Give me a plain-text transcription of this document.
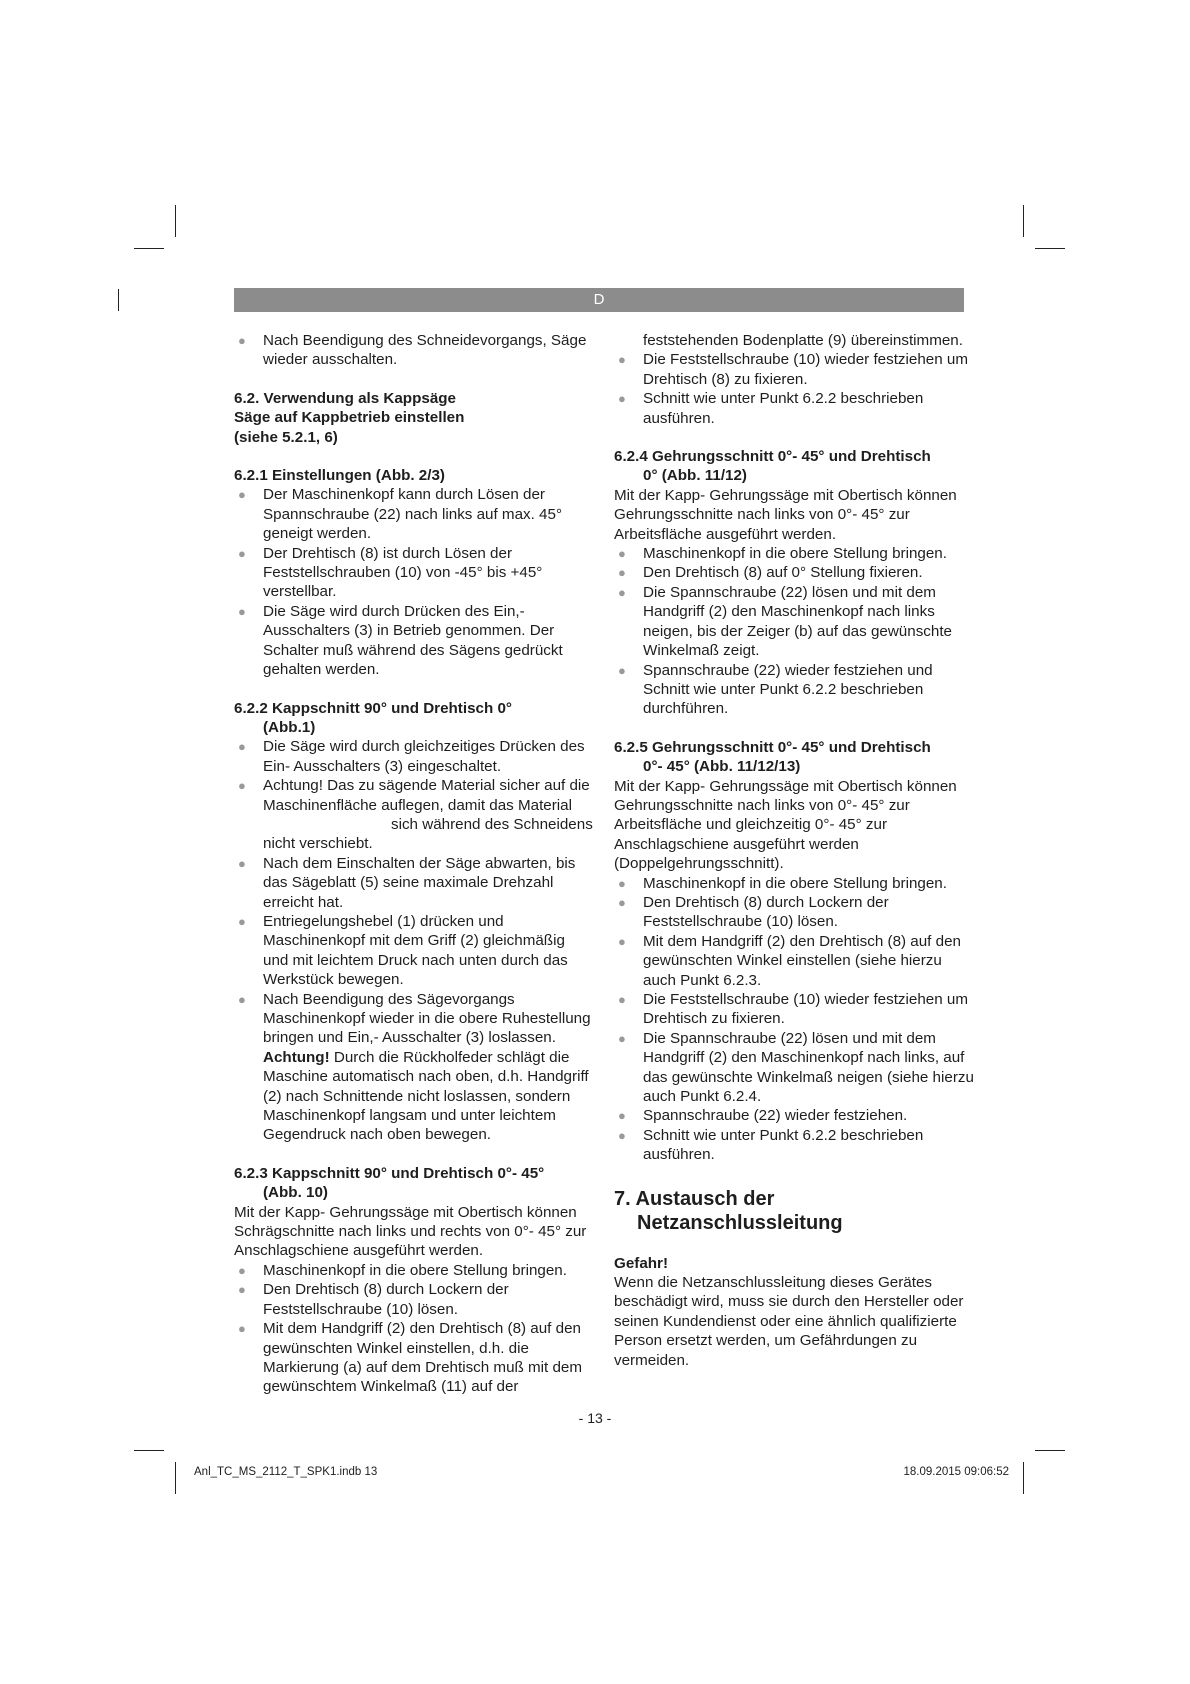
D
● Nach Beendigung des Schneidevorgangs, Säge wieder ausschalten.
6.2. Verwendung als Kappsäge
Säge auf Kappbetrieb einstellen
(siehe 5.2.1, 6)
6.2.1 Einstellungen (Abb. 2/3)
● Der Maschinenkopf kann durch Lösen der Spannschraube (22) nach links auf max. 45° geneigt werden.
● Der Drehtisch (8) ist durch Lösen der Feststellschrauben (10) von -45° bis +45° verstellbar.
● Die Säge wird durch Drücken des Ein,- Ausschalters (3) in Betrieb genommen. Der Schalter muß während des Sägens gedrückt gehalten werden.
6.2.2 Kappschnitt 90° und Drehtisch 0°
(Abb.1)
● Die Säge wird durch gleichzeitiges Drücken des Ein- Ausschalters (3) eingeschaltet.
● Achtung! Das zu sägende Material sicher auf die Maschinenfläche auflegen, damit das Materialsich während des Schneidens nicht verschiebt.
● Nach dem Einschalten der Säge abwarten, bis das Sägeblatt (5) seine maximale Drehzahl erreicht hat.
● Entriegelungshebel (1) drücken und Maschinenkopf mit dem Griff (2) gleichmäßig und mit leichtem Druck nach unten durch das Werkstück bewegen.
● Nach Beendigung des Sägevorgangs Maschinenkopf wieder in die obere Ruhestellung bringen und Ein,- Ausschalter (3) loslassen. Achtung! Durch die Rückholfeder schlägt die Maschine automatisch nach oben, d.h. Handgriff (2) nach Schnittende nicht loslassen, sondern Maschinenkopf langsam und unter leichtem Gegendruck nach oben bewegen.
6.2.3 Kappschnitt 90° und Drehtisch 0°- 45°
(Abb. 10)

Mit der Kapp- Gehrungssäge mit Obertisch können Schrägschnitte nach links und rechts von 0°- 45° zur Anschlagschiene ausgeführt werden.

● Maschinenkopf in die obere Stellung bringen.
● Den Drehtisch (8) durch Lockern der Feststellschraube (10) lösen.
● Mit dem Handgriff (2) den Drehtisch (8) auf den gewünschten Winkel einstellen, d.h. die Markierung (a) auf dem Drehtisch muß mit dem gewünschtem Winkelmaß (11) auf der
feststehenden Bodenplatte (9) übereinstimmen.
● Die Feststellschraube (10) wieder festziehen um Drehtisch (8) zu fixieren.
● Schnitt wie unter Punkt 6.2.2 beschrieben ausführen.
6.2.4 Gehrungsschnitt 0°- 45° und Drehtisch
0° (Abb. 11/12)

Mit der Kapp- Gehrungssäge mit Obertisch können Gehrungsschnitte nach links von 0°- 45° zur Arbeitsfläche ausgeführt werden.

● Maschinenkopf in die obere Stellung bringen.
● Den Drehtisch (8) auf 0° Stellung fixieren.
● Die Spannschraube (22) lösen und mit dem Handgriff (2) den Maschinenkopf nach links neigen, bis der Zeiger (b) auf das gewünschte Winkelmaß zeigt.
● Spannschraube (22) wieder festziehen und Schnitt wie unter Punkt 6.2.2 beschrieben durchführen.
6.2.5 Gehrungsschnitt 0°- 45° und Drehtisch
0°- 45° (Abb. 11/12/13)

Mit der Kapp- Gehrungssäge mit Obertisch können Gehrungsschnitte nach links von 0°- 45° zur Arbeitsfläche und gleichzeitig 0°- 45° zur Anschlagschiene ausgeführt werden (Doppelgehrungsschnitt).

● Maschinenkopf in die obere Stellung bringen.
● Den Drehtisch (8) durch Lockern der Feststellschraube (10) lösen.
● Mit dem Handgriff (2) den Drehtisch (8) auf den gewünschten Winkel einstellen (siehe hierzu auch Punkt 6.2.3.
● Die Feststellschraube (10) wieder festziehen um Drehtisch zu fixieren.
● Die Spannschraube (22) lösen und mit dem Handgriff (2) den Maschinenkopf nach links, auf das gewünschte Winkelmaß neigen (siehe hierzu auch Punkt 6.2.4.
● Spannschraube (22) wieder festziehen.
● Schnitt wie unter Punkt 6.2.2 beschrieben ausführen.
7. Austausch der
Netzanschlussleitung
Gefahr!

Wenn die Netzanschlussleitung dieses Gerätes beschädigt wird, muss sie durch den Hersteller oder seinen Kundendienst oder eine ähnlich qualifizierte Person ersetzt werden, um Gefährdungen zu vermeiden.

- 13 -
Anl_TC_MS_2112_T_SPK1.indb 13	18.09.2015 09:06:52
